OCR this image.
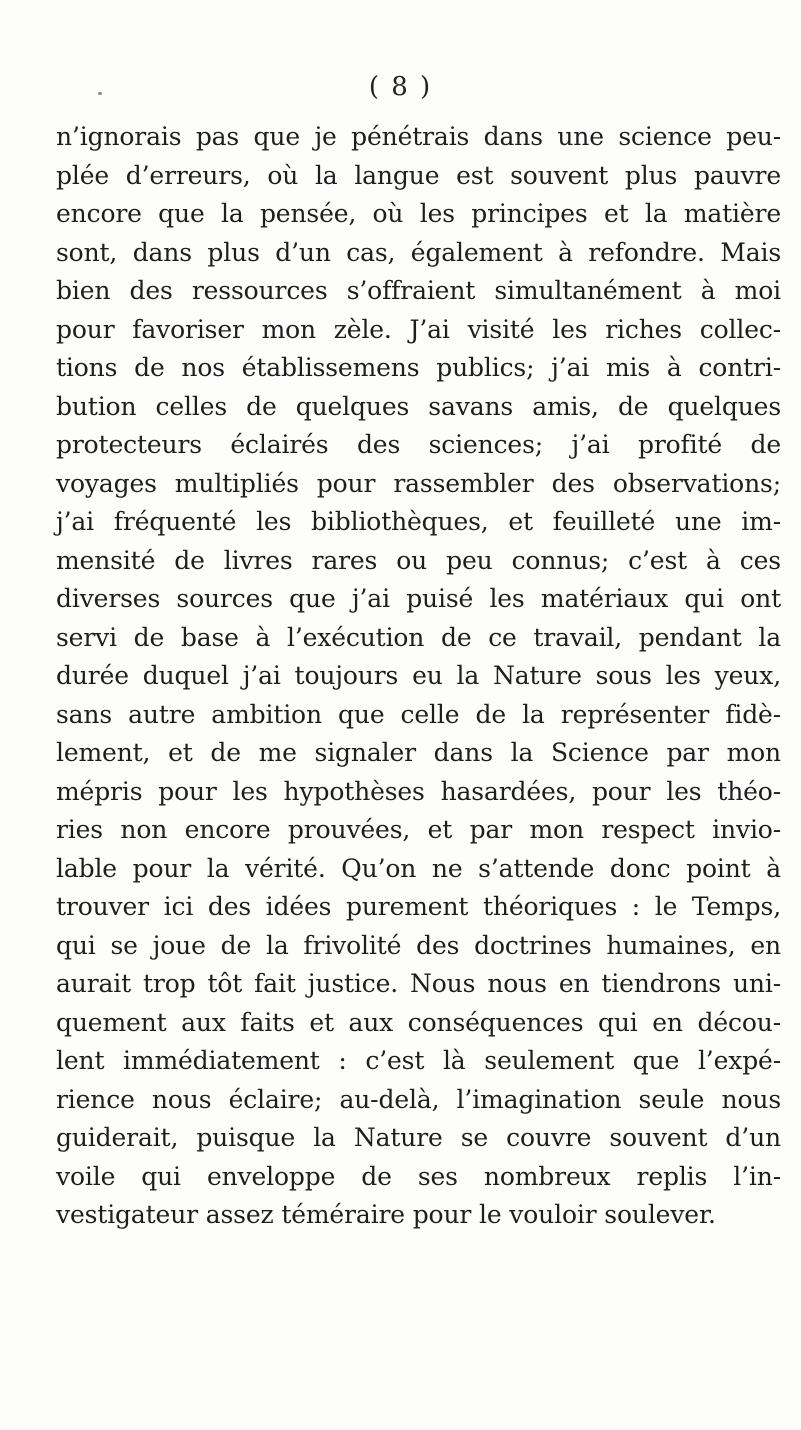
( 8 )
n’ignorais pas que je pénétrais dans une science peu-
plée d’erreurs, où la langue est souvent plus pauvre
encore que la pensée, où les principes et la matière
sont, dans plus d’un cas, également à refondre. Mais
bien des ressources s’offraient simultanément à moi
pour favoriser mon zèle. J’ai visité les riches collec-
tions de nos établissemens publics; j’ai mis à contri-
bution celles de quelques savans amis, de quelques
protecteurs éclairés des sciences; j’ai profité de
voyages multipliés pour rassembler des observations;
j’ai fréquenté les bibliothèques, et feuilleté une im-
mensité de livres rares ou peu connus; c’est à ces
diverses sources que j’ai puisé les matériaux qui ont
servi de base à l’exécution de ce travail, pendant la
durée duquel j’ai toujours eu la Nature sous les yeux,
sans autre ambition que celle de la représenter fidè-
lement, et de me signaler dans la Science par mon
mépris pour les hypothèses hasardées, pour les théo-
ries non encore prouvées, et par mon respect invio-
lable pour la vérité. Qu’on ne s’attende donc point à
trouver ici des idées purement théoriques : le Temps,
qui se joue de la frivolité des doctrines humaines, en
aurait trop tôt fait justice. Nous nous en tiendrons uni-
quement aux faits et aux conséquences qui en décou-
lent immédiatement : c’est là seulement que l’expé-
rience nous éclaire; au-delà, l’imagination seule nous
guiderait, puisque la Nature se couvre souvent d’un
voile qui enveloppe de ses nombreux replis l’in-
vestigateur assez téméraire pour le vouloir soulever.
